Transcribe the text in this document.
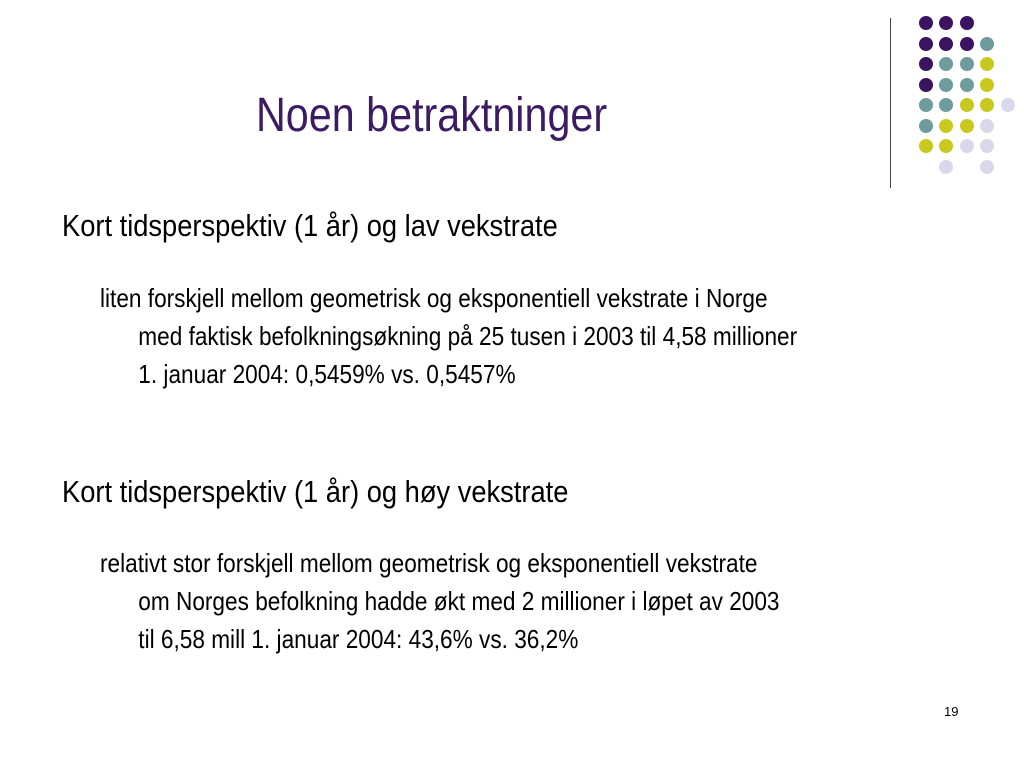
Noen betraktninger
Kort tidsperspektiv (1 år) og lav vekstrate
liten forskjell mellom geometrisk og eksponentiell vekstrate i Norge
med faktisk befolkningsøkning på 25 tusen i 2003 til 4,58 millioner
1. januar 2004: 0,5459% vs. 0,5457%
Kort tidsperspektiv (1 år) og høy vekstrate
relativt stor forskjell mellom geometrisk og eksponentiell vekstrate
om Norges befolkning hadde økt med 2 millioner i løpet av 2003
til 6,58 mill 1. januar 2004: 43,6% vs. 36,2%
19
